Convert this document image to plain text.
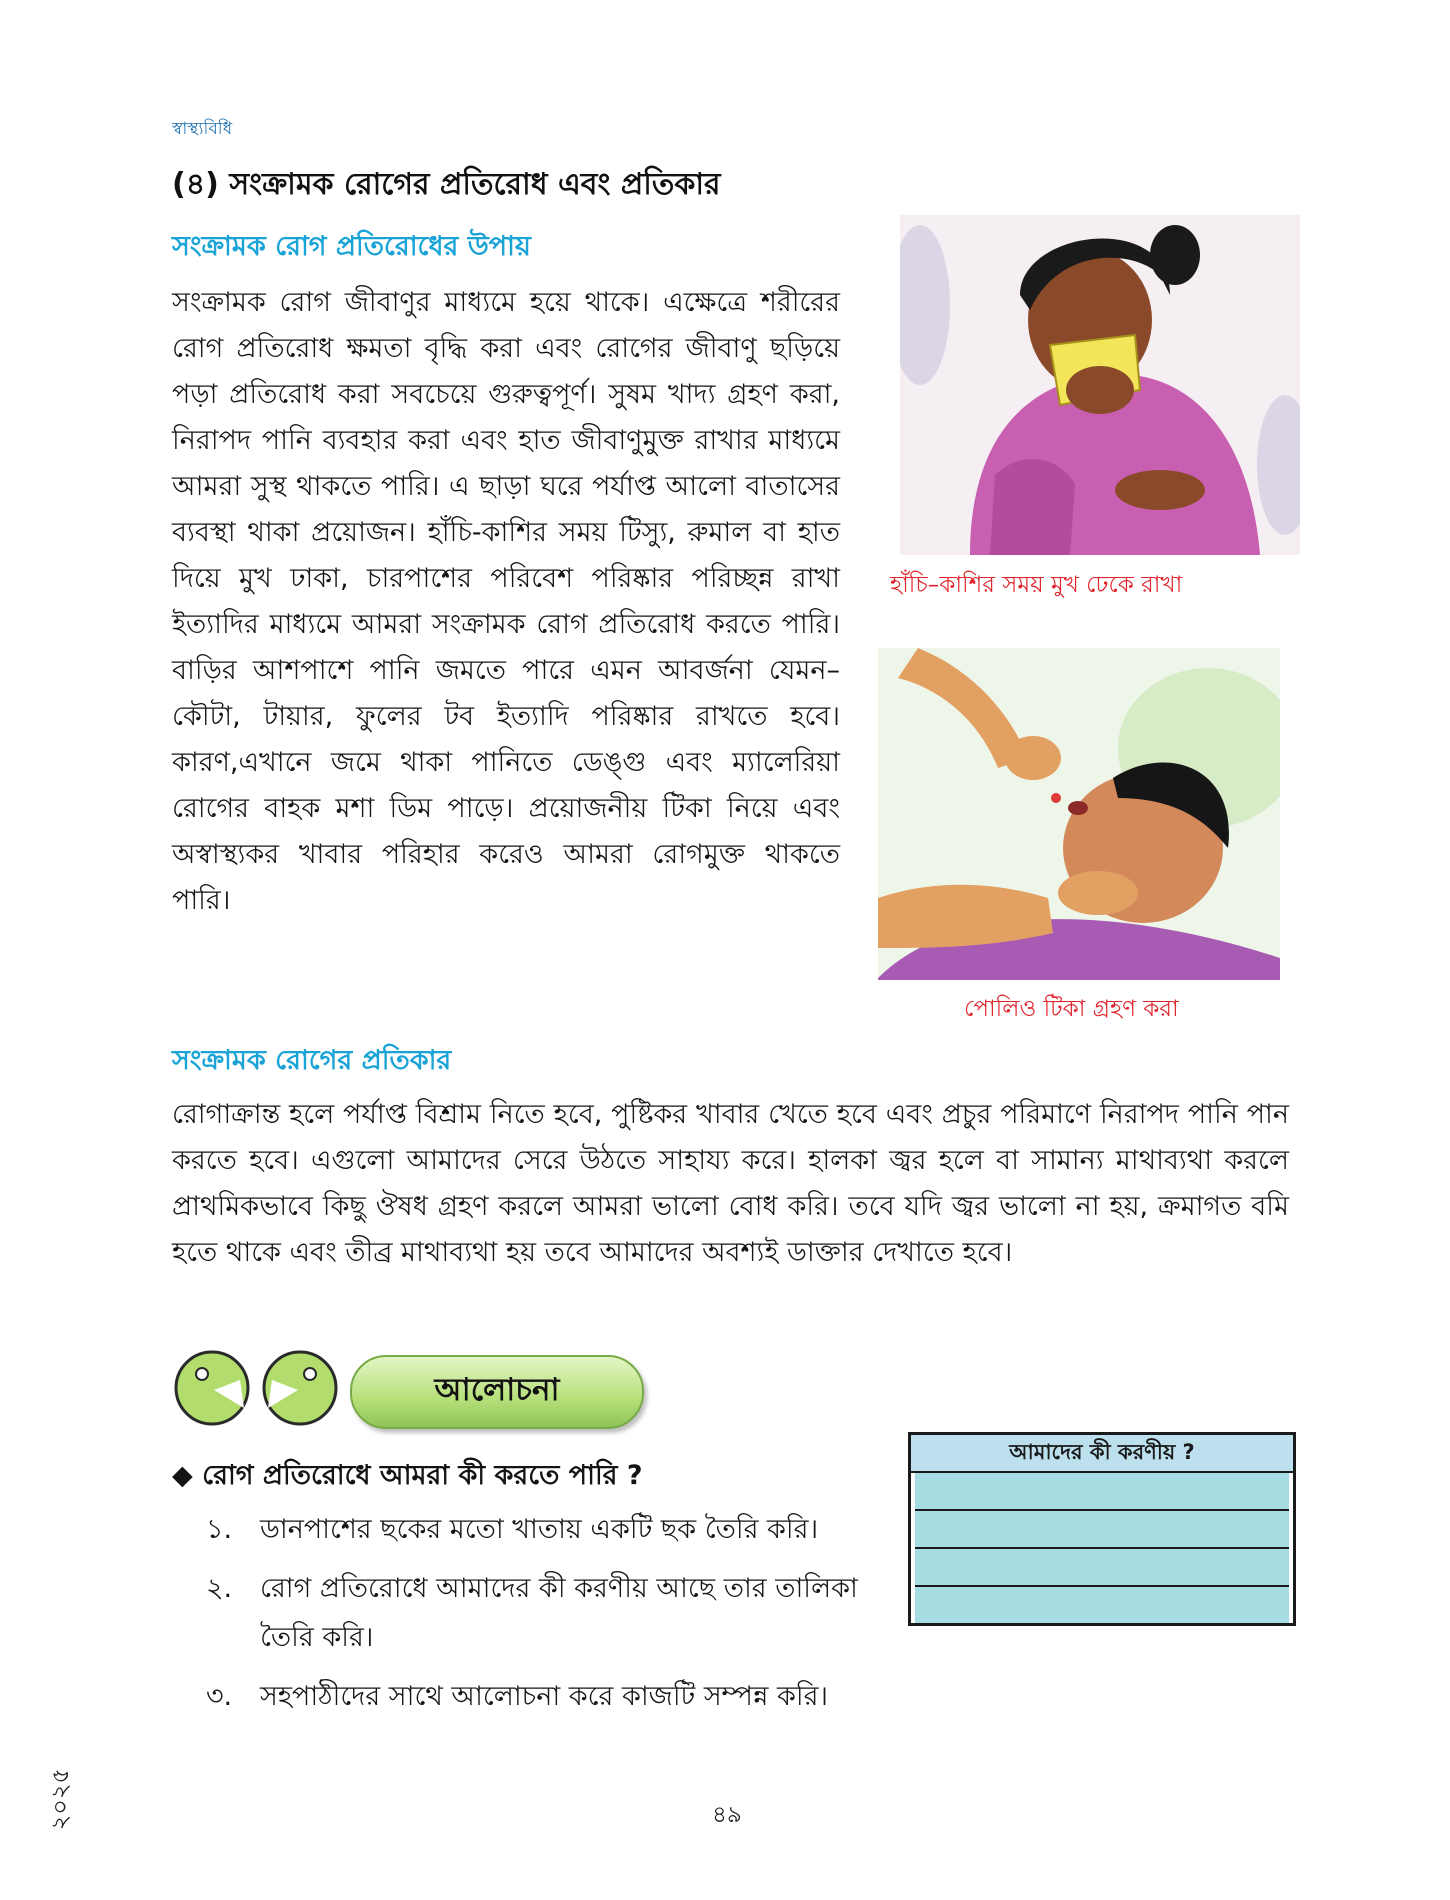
স্বাস্থ্যবিধি
(৪) সংক্রামক রোগের প্রতিরোধ এবং প্রতিকার
সংক্রামক রোগ প্রতিরোধের উপায়
সংক্রামক রোগ জীবাণুর মাধ্যমে হয়ে থাকে। এক্ষেত্রে শরীরের রোগ প্রতিরোধ ক্ষমতা বৃদ্ধি করা এবং রোগের জীবাণু ছড়িয়ে পড়া প্রতিরোধ করা সবচেয়ে গুরুত্বপূর্ণ। সুষম খাদ্য গ্রহণ করা, নিরাপদ পানি ব্যবহার করা এবং হাত জীবাণুমুক্ত রাখার মাধ্যমে আমরা সুস্থ থাকতে পারি। এ ছাড়া ঘরে পর্যাপ্ত আলো বাতাসের ব্যবস্থা থাকা প্রয়োজন। হাঁচি-কাশির সময় টিস্যু, রুমাল বা হাত দিয়ে মুখ ঢাকা, চারপাশের পরিবেশ পরিষ্কার পরিচ্ছন্ন রাখা ইত্যাদির মাধ্যমে আমরা সংক্রামক রোগ প্রতিরোধ করতে পারি। বাড়ির আশপাশে পানি জমতে পারে এমন আবর্জনা যেমন– কৌটা, টায়ার, ফুলের টব ইত্যাদি পরিষ্কার রাখতে হবে। কারণ,এখানে জমে থাকা পানিতে ডেঙ্গু এবং ম্যালেরিয়া রোগের বাহক মশা ডিম পাড়ে। প্রয়োজনীয় টিকা নিয়ে এবং অস্বাস্থ্যকর খাবার পরিহার করেও আমরা রোগমুক্ত থাকতে পারি।
হাঁচি–কাশির সময় মুখ ঢেকে রাখা
পোলিও টিকা গ্রহণ করা
সংক্রামক রোগের প্রতিকার
রোগাক্রান্ত হলে পর্যাপ্ত বিশ্রাম নিতে হবে, পুষ্টিকর খাবার খেতে হবে এবং প্রচুর পরিমাণে নিরাপদ পানি পান করতে হবে। এগুলো আমাদের সেরে উঠতে সাহায্য করে। হালকা জ্বর হলে বা সামান্য মাথাব্যথা করলে প্রাথমিকভাবে কিছু ঔষধ গ্রহণ করলে আমরা ভালো বোধ করি। তবে যদি জ্বর ভালো না হয়, ক্রমাগত বমি হতে থাকে এবং তীব্র মাথাব্যথা হয় তবে আমাদের অবশ্যই ডাক্তার দেখাতে হবে।
আলোচনা
◆ রোগ প্রতিরোধে আমরা কী করতে পারি ?
১. ডানপাশের ছকের মতো খাতায় একটি ছক তৈরি করি।
২. রোগ প্রতিরোধে আমাদের কী করণীয় আছে তার তালিকা
তৈরি করি।
৩. সহপাঠীদের সাথে আলোচনা করে কাজটি সম্পন্ন করি।
আমাদের কী করণীয় ?
২০২৫	৪৯
